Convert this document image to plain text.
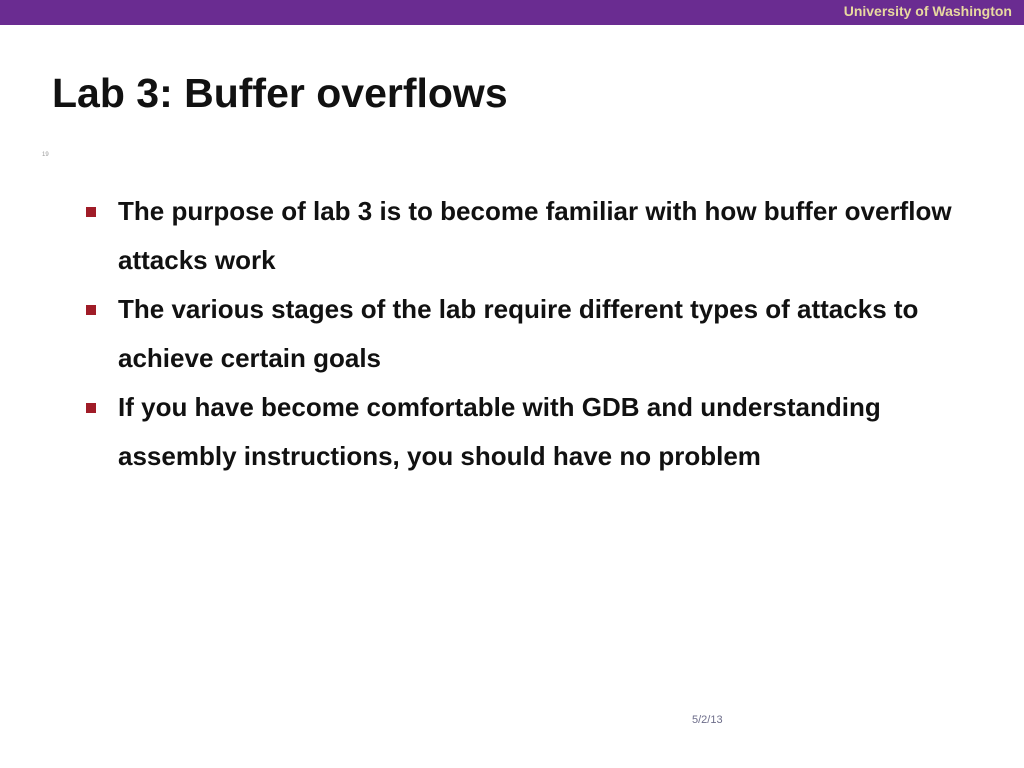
University of Washington
Lab 3: Buffer overflows
19
The purpose of lab 3 is to become familiar with how buffer overflow attacks work
The various stages of the lab require different types of attacks to achieve certain goals
If you have become comfortable with GDB and understanding assembly instructions, you should have no problem
5/2/13
